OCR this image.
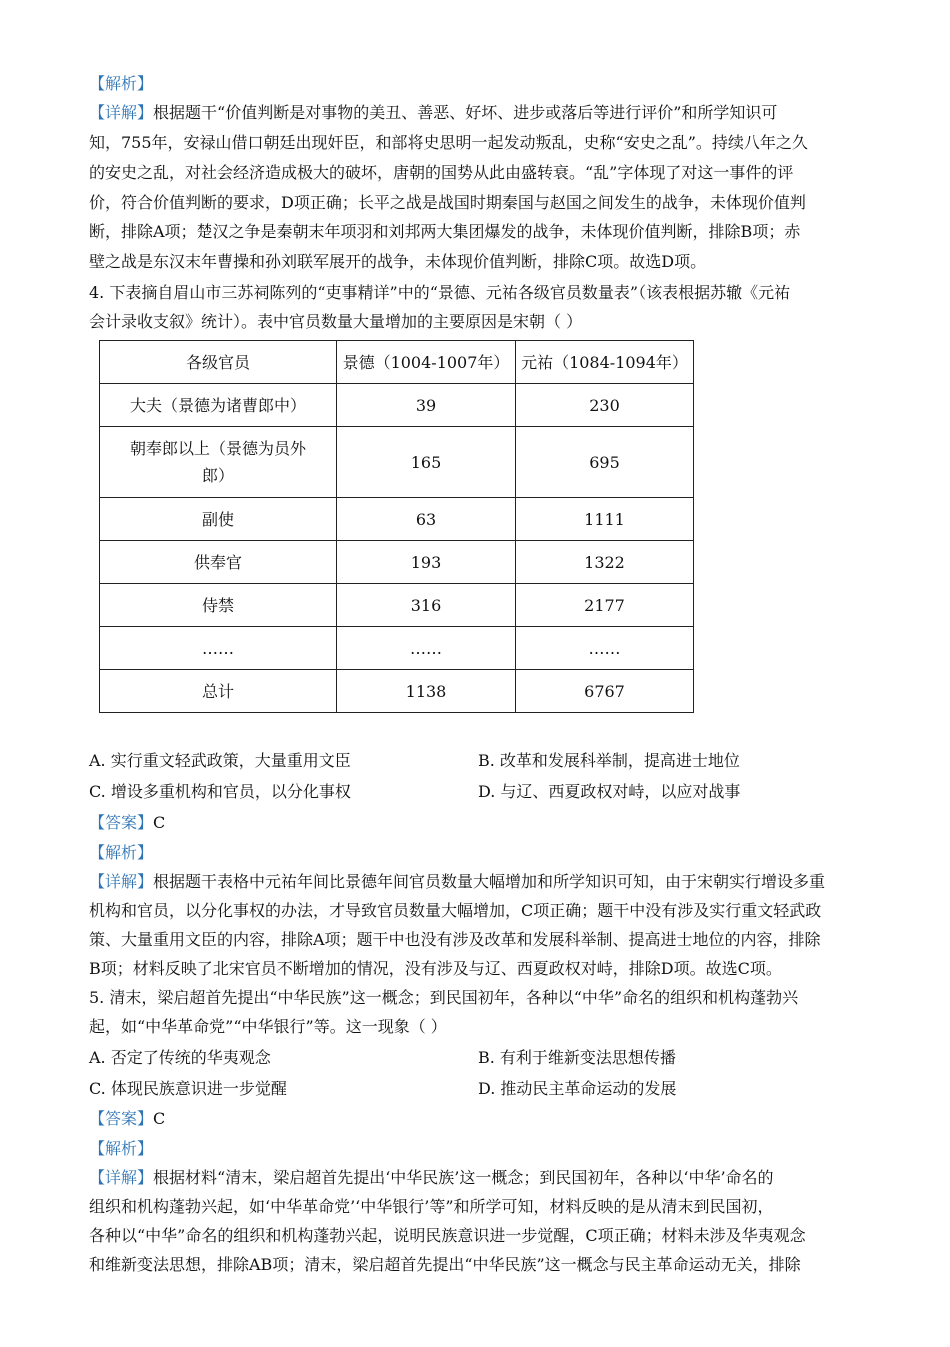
【解析】
【详解】根据题干“价值判断是对事物的美丑、善恶、好坏、进步或落后等进行评价”和所学知识可
知，755年，安禄山借口朝廷出现奸臣，和部将史思明一起发动叛乱，史称“安史之乱”。持续八年之久
的安史之乱，对社会经济造成极大的破坏，唐朝的国势从此由盛转衰。“乱”字体现了对这一事件的评
价，符合价值判断的要求，D项正确；长平之战是战国时期秦国与赵国之间发生的战争，未体现价值判
断，排除A项；楚汉之争是秦朝末年项羽和刘邦两大集团爆发的战争，未体现价值判断，排除B项；赤
壁之战是东汉末年曹操和孙刘联军展开的战争，未体现价值判断，排除C项。故选D项。
4. 下表摘自眉山市三苏祠陈列的“吏事精详”中的“景德、元祐各级官员数量表”（该表根据苏辙《元祐
会计录收支叙》统计）。表中官员数量大量增加的主要原因是宋朝（ ）
各级官员	景德（1004-1007年）	元祐（1084-1094年）
大夫（景德为诸曹郎中）	39	230
朝奉郎以上（景德为员外郎）	165	695
副使	63	1111
供奉官	193	1322
侍禁	316	2177
……	……	……
总计	1138	6767
A. 实行重文轻武政策，大量重用文臣	B. 改革和发展科举制，提高进士地位
C. 增设多重机构和官员，以分化事权	D. 与辽、西夏政权对峙，以应对战事
【答案】C
【解析】
【详解】根据题干表格中元祐年间比景德年间官员数量大幅增加和所学知识可知，由于宋朝实行增设多重
机构和官员，以分化事权的办法，才导致官员数量大幅增加，C项正确；题干中没有涉及实行重文轻武政
策、大量重用文臣的内容，排除A项；题干中也没有涉及改革和发展科举制、提高进士地位的内容，排除
B项；材料反映了北宋官员不断增加的情况，没有涉及与辽、西夏政权对峙，排除D项。故选C项。
5. 清末，梁启超首先提出“中华民族”这一概念；到民国初年，各种以“中华”命名的组织和机构蓬勃兴
起，如“中华革命党”“中华银行”等。这一现象（ ）
A. 否定了传统的华夷观念	B. 有利于维新变法思想传播
C. 体现民族意识进一步觉醒	D. 推动民主革命运动的发展
【答案】C
【解析】
【详解】根据材料“清末，梁启超首先提出‘中华民族’这一概念；到民国初年，各种以‘中华’命名的
组织和机构蓬勃兴起，如‘中华革命党’‘中华银行’等”和所学可知，材料反映的是从清末到民国初，
各种以“中华”命名的组织和机构蓬勃兴起，说明民族意识进一步觉醒，C项正确；材料未涉及华夷观念
和维新变法思想，排除AB项；清末，梁启超首先提出“中华民族”这一概念与民主革命运动无关，排除
